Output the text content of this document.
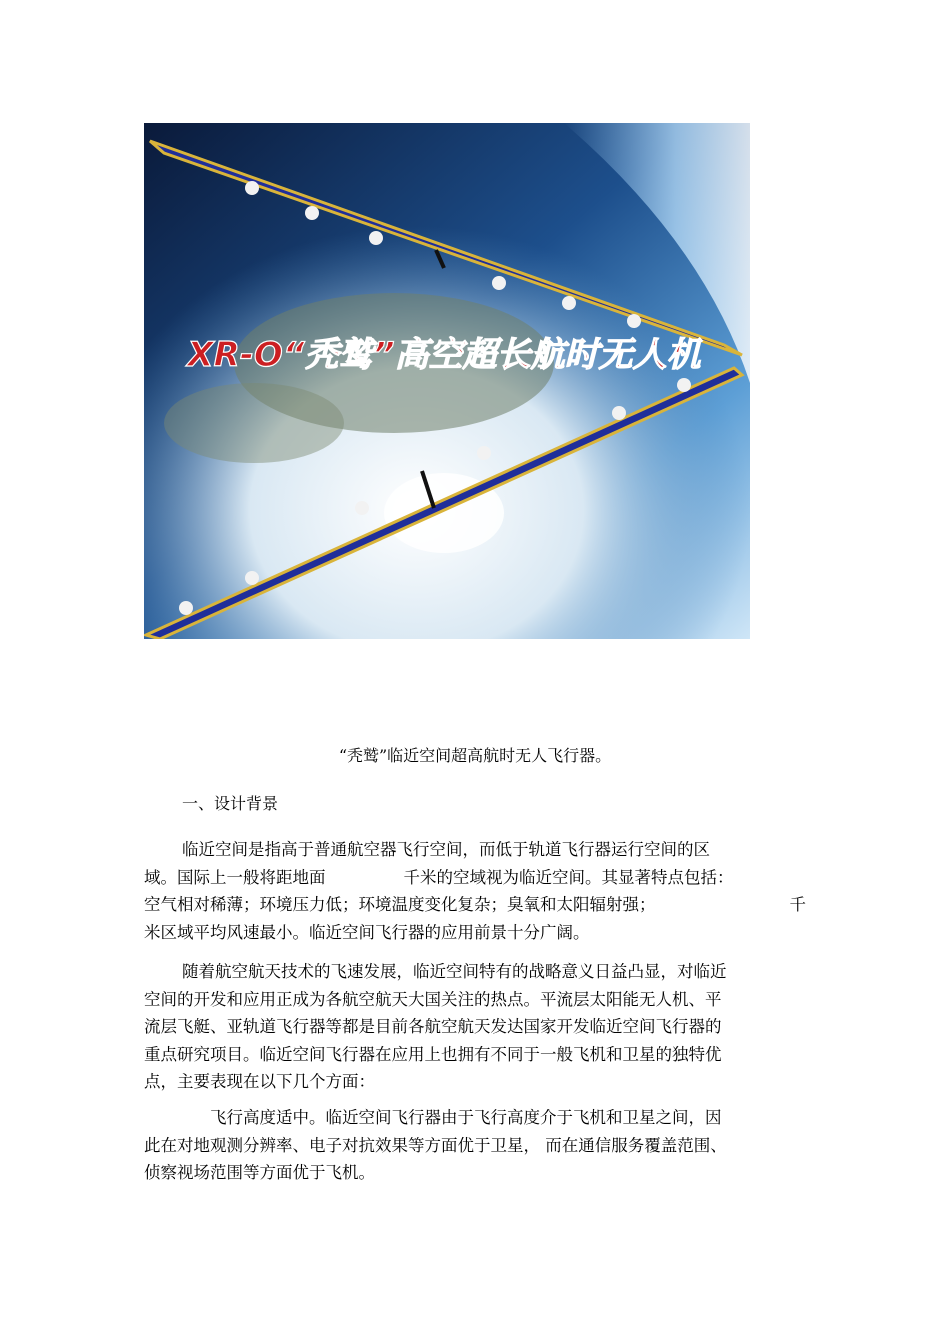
XR-O“秃鹫”高空超长航时无人机
“秃鹫”临近空间超高航时无人飞行器。
一、设计背景
临近空间是指高于普通航空器飞行空间，而低于轨道飞行器运行空间的区
域。国际上一般将距地面	千米的空域视为临近空间。其显著特点包括：
空气相对稀薄；环境压力低；环境温度变化复杂；臭氧和太阳辐射强；	千
米区域平均风速最小。临近空间飞行器的应用前景十分广阔。
随着航空航天技术的飞速发展，临近空间特有的战略意义日益凸显，对临近
空间的开发和应用正成为各航空航天大国关注的热点。平流层太阳能无人机、平
流层飞艇、亚轨道飞行器等都是目前各航空航天发达国家开发临近空间飞行器的
重点研究项目。临近空间飞行器在应用上也拥有不同于一般飞机和卫星的独特优
点，主要表现在以下几个方面：
飞行高度适中。临近空间飞行器由于飞行高度介于飞机和卫星之间，因
此在对地观测分辨率、电子对抗效果等方面优于卫星， 而在通信服务覆盖范围、
侦察视场范围等方面优于飞机。
